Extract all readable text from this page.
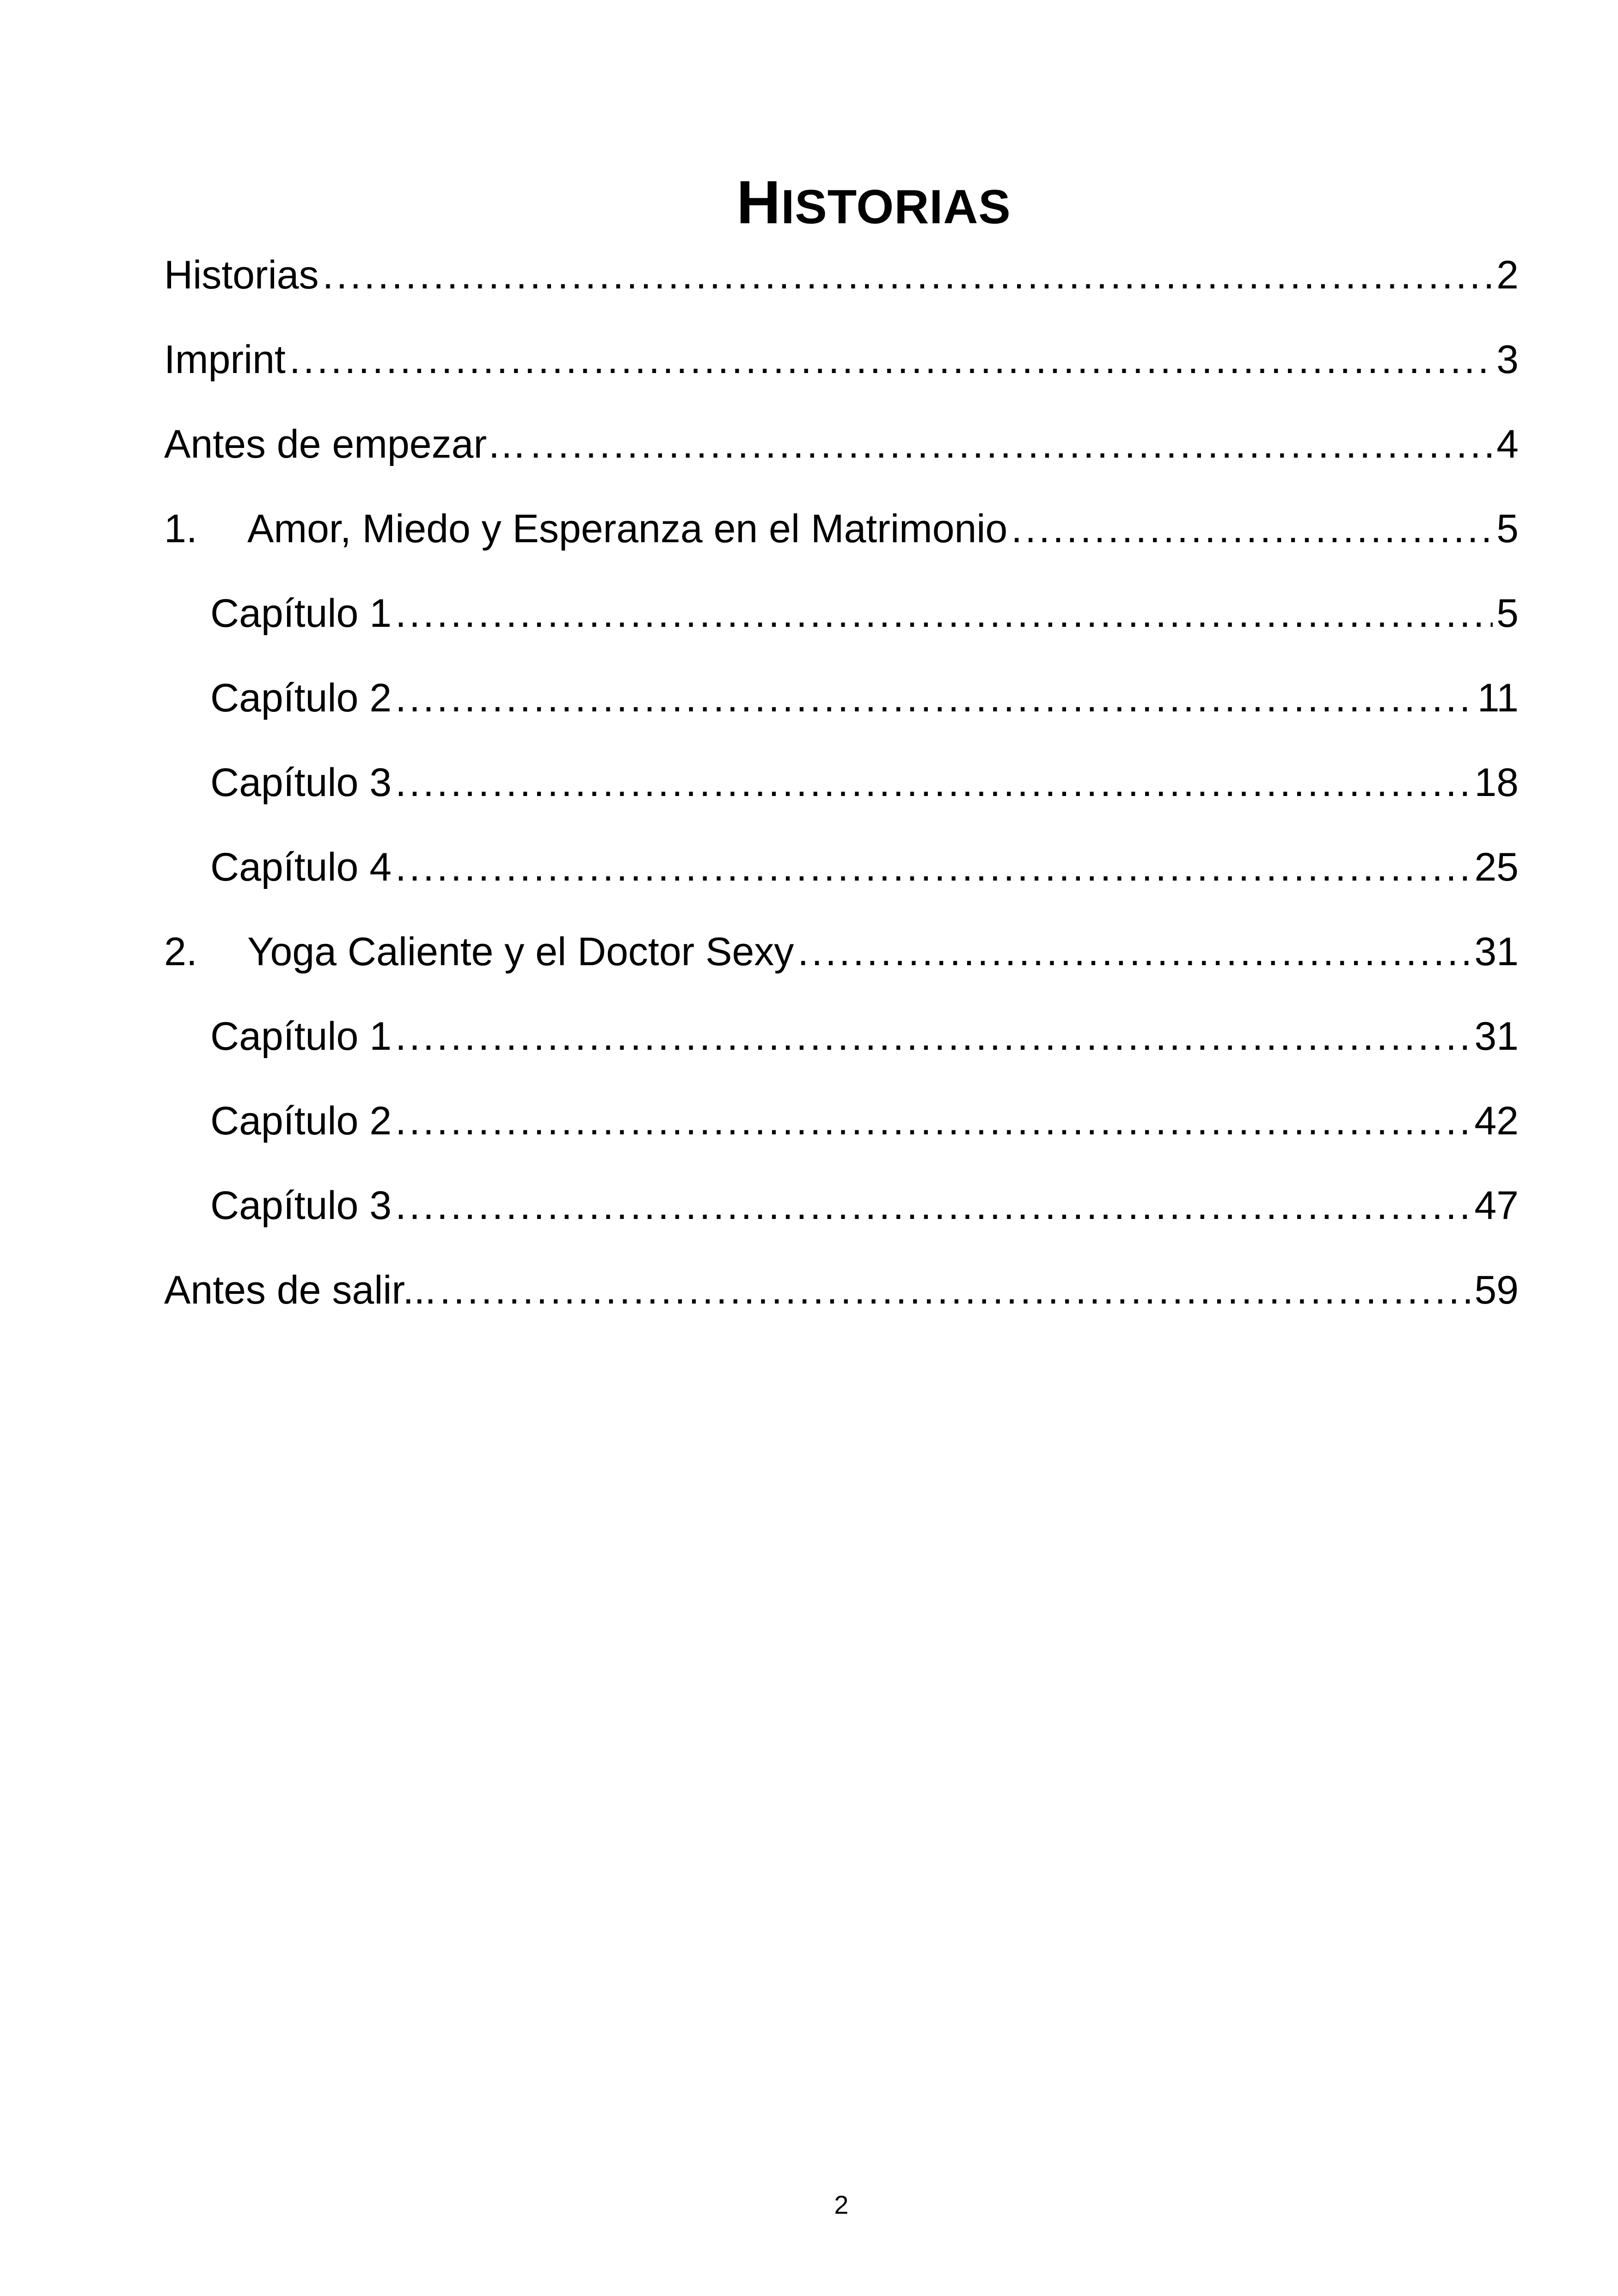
HISTORIAS
Historias .....	2
Imprint .....	3
Antes de empezar… .....	4
1.	Amor, Miedo y Esperanza en el Matrimonio .....	5
Capítulo 1 .....	5
Capítulo 2 .....	11
Capítulo 3 .....	18
Capítulo 4 .....	25
2.	Yoga Caliente y el Doctor Sexy .....	31
Capítulo 1 .....	31
Capítulo 2 .....	42
Capítulo 3 .....	47
Antes de salir... .....	59
2
